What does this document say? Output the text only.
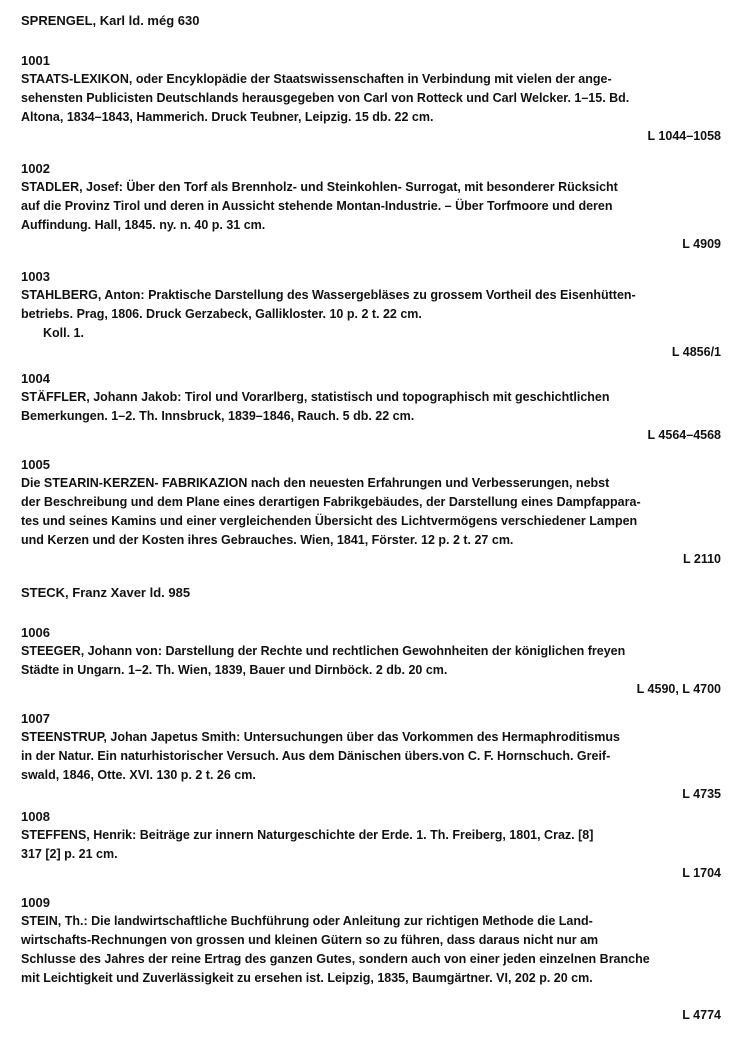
SPRENGEL, Karl ld. még 630
1001
STAATS-LEXIKON, oder Encyklopädie der Staatswissenschaften in Verbindung mit vielen der ange-
sehensten Publicisten Deutschlands herausgegeben von Carl von Rotteck und Carl Welcker. 1–15. Bd.
Altona, 1834–1843, Hammerich. Druck Teubner, Leipzig. 15 db. 22 cm.
L 1044–1058
1002
STADLER, Josef: Über den Torf als Brennholz- und Steinkohlen- Surrogat, mit besonderer Rücksicht
auf die Provinz Tirol und deren in Aussicht stehende Montan-Industrie. – Über Torfmoore und deren
Auffindung. Hall, 1845. ny. n. 40 p. 31 cm.
L 4909
1003
STAHLBERG, Anton: Praktische Darstellung des Wassergebläses zu grossem Vortheil des Eisenhütten-
betriebs. Prag, 1806. Druck Gerzabeck, Gallikloster. 10 p. 2 t. 22 cm.
Koll. 1.
L 4856/1
1004
STÄFFLER, Johann Jakob: Tirol und Vorarlberg, statistisch und topographisch mit geschichtlichen
Bemerkungen. 1–2. Th. Innsbruck, 1839–1846, Rauch. 5 db. 22 cm.
L 4564–4568
1005
Die STEARIN-KERZEN- FABRIKAZION nach den neuesten Erfahrungen und Verbesserungen, nebst
der Beschreibung und dem Plane eines derartigen Fabrikgebäudes, der Darstellung eines Dampfappara-
tes und seines Kamins und einer vergleichenden Übersicht des Lichtvermögens verschiedener Lampen
und Kerzen und der Kosten ihres Gebrauches. Wien, 1841, Förster. 12 p. 2 t. 27 cm.
L 2110
STECK, Franz Xaver ld. 985
1006
STEEGER, Johann von: Darstellung der Rechte und rechtlichen Gewohnheiten der königlichen freyen
Städte in Ungarn. 1–2. Th. Wien, 1839, Bauer und Dirnböck. 2 db. 20 cm.
L 4590, L 4700
1007
STEENSTRUP, Johan Japetus Smith: Untersuchungen über das Vorkommen des Hermaphroditismus
in der Natur. Ein naturhistorischer Versuch. Aus dem Dänischen übers.von C. F. Hornschuch. Greif-
swald, 1846, Otte. XVI. 130 p. 2 t. 26 cm.
L 4735
1008
STEFFENS, Henrik: Beiträge zur innern Naturgeschichte der Erde. 1. Th. Freiberg, 1801, Craz. [8]
317 [2] p. 21 cm.
L 1704
1009
STEIN, Th.: Die landwirtschaftliche Buchführung oder Anleitung zur richtigen Methode die Land-
wirtschafts-Rechnungen von grossen und kleinen Gütern so zu führen, dass daraus nicht nur am
Schlusse des Jahres der reine Ertrag des ganzen Gutes, sondern auch von einer jeden einzelnen Branche
mit Leichtigkeit und Zuverlässigkeit zu ersehen ist. Leipzig, 1835, Baumgärtner. VI, 202 p. 20 cm.
L 4774
